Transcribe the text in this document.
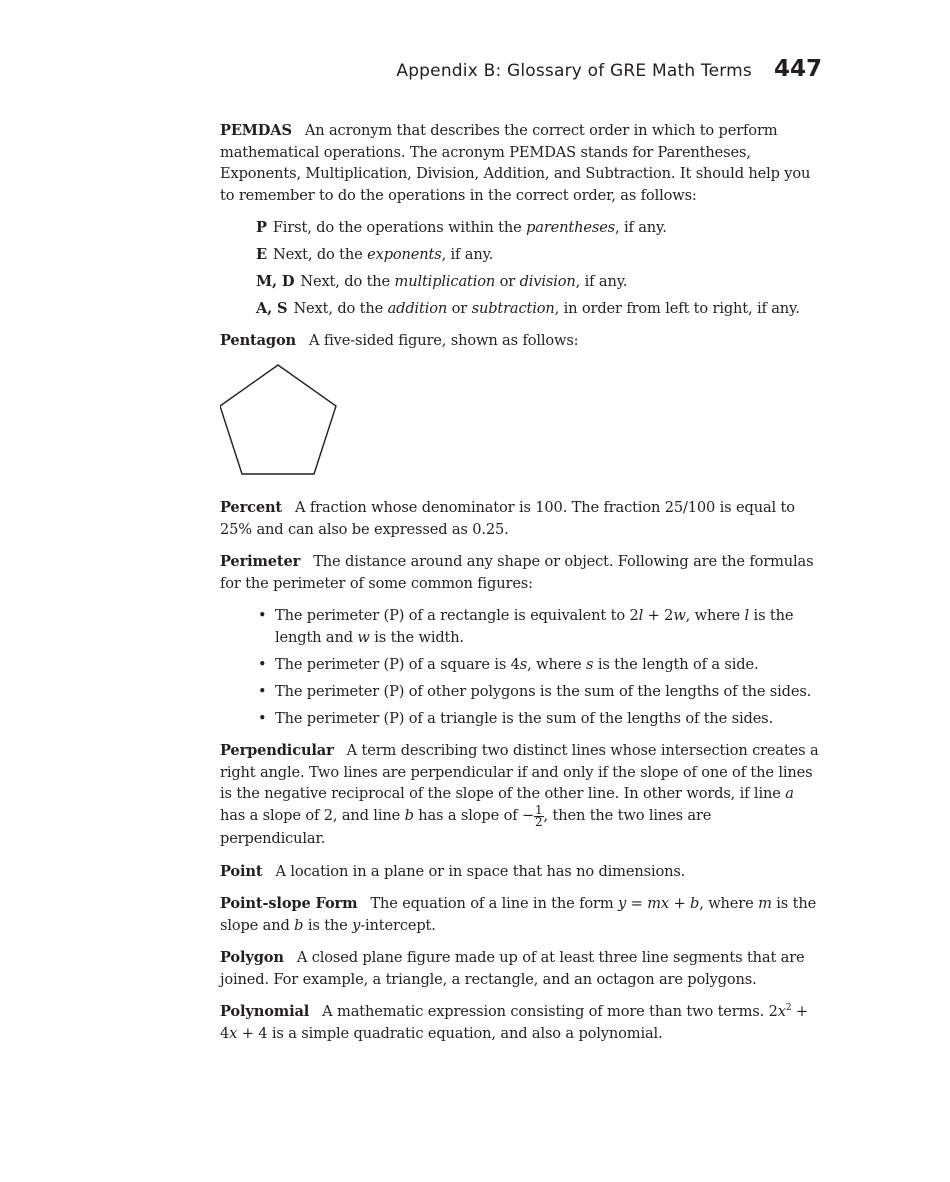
Appendix B: Glossary of GRE Math Terms 447

PEMDAS An acronym that describes the correct order in which to perform mathematical operations. The acronym PEMDAS stands for Parentheses, Exponents, Multiplication, Division, Addition, and Subtraction. It should help you to remember to do the operations in the correct order, as follows:

P First, do the operations within the parentheses, if any.

E Next, do the exponents, if any.

M, D Next, do the multiplication or division, if any.

A, S Next, do the addition or subtraction, in order from left to right, if any.

Pentagon A five-sided figure, shown as follows:

Percent A fraction whose denominator is 100. The fraction 25/100 is equal to 25% and can also be expressed as 0.25.

Perimeter The distance around any shape or object. Following are the formulas for the perimeter of some common figures:

• The perimeter (P) of a rectangle is equivalent to 2l + 2w, where l is the length and w is the width.

• The perimeter (P) of a square is 4s, where s is the length of a side.

• The perimeter (P) of other polygons is the sum of the lengths of the sides.

• The perimeter (P) of a triangle is the sum of the lengths of the sides.

Perpendicular A term describing two distinct lines whose intersection creates a right angle. Two lines are perpendicular if and only if the slope of one of the lines is the negative reciprocal of the slope of the other line. In other words, if line a has a slope of 2, and line b has a slope of − $\frac{1}{2}$ , then the two lines are perpendicular.

Point A location in a plane or in space that has no dimensions.

Point-slope Form The equation of a line in the form y = mx + b, where m is the slope and b is the y-intercept.

Polygon A closed plane figure made up of at least three line segments that are joined. For example, a triangle, a rectangle, and an octagon are polygons.

Polynomial A mathematic expression consisting of more than two terms. $2x^2 + 4x + 4$ is a simple quadratic equation, and also a polynomial.
